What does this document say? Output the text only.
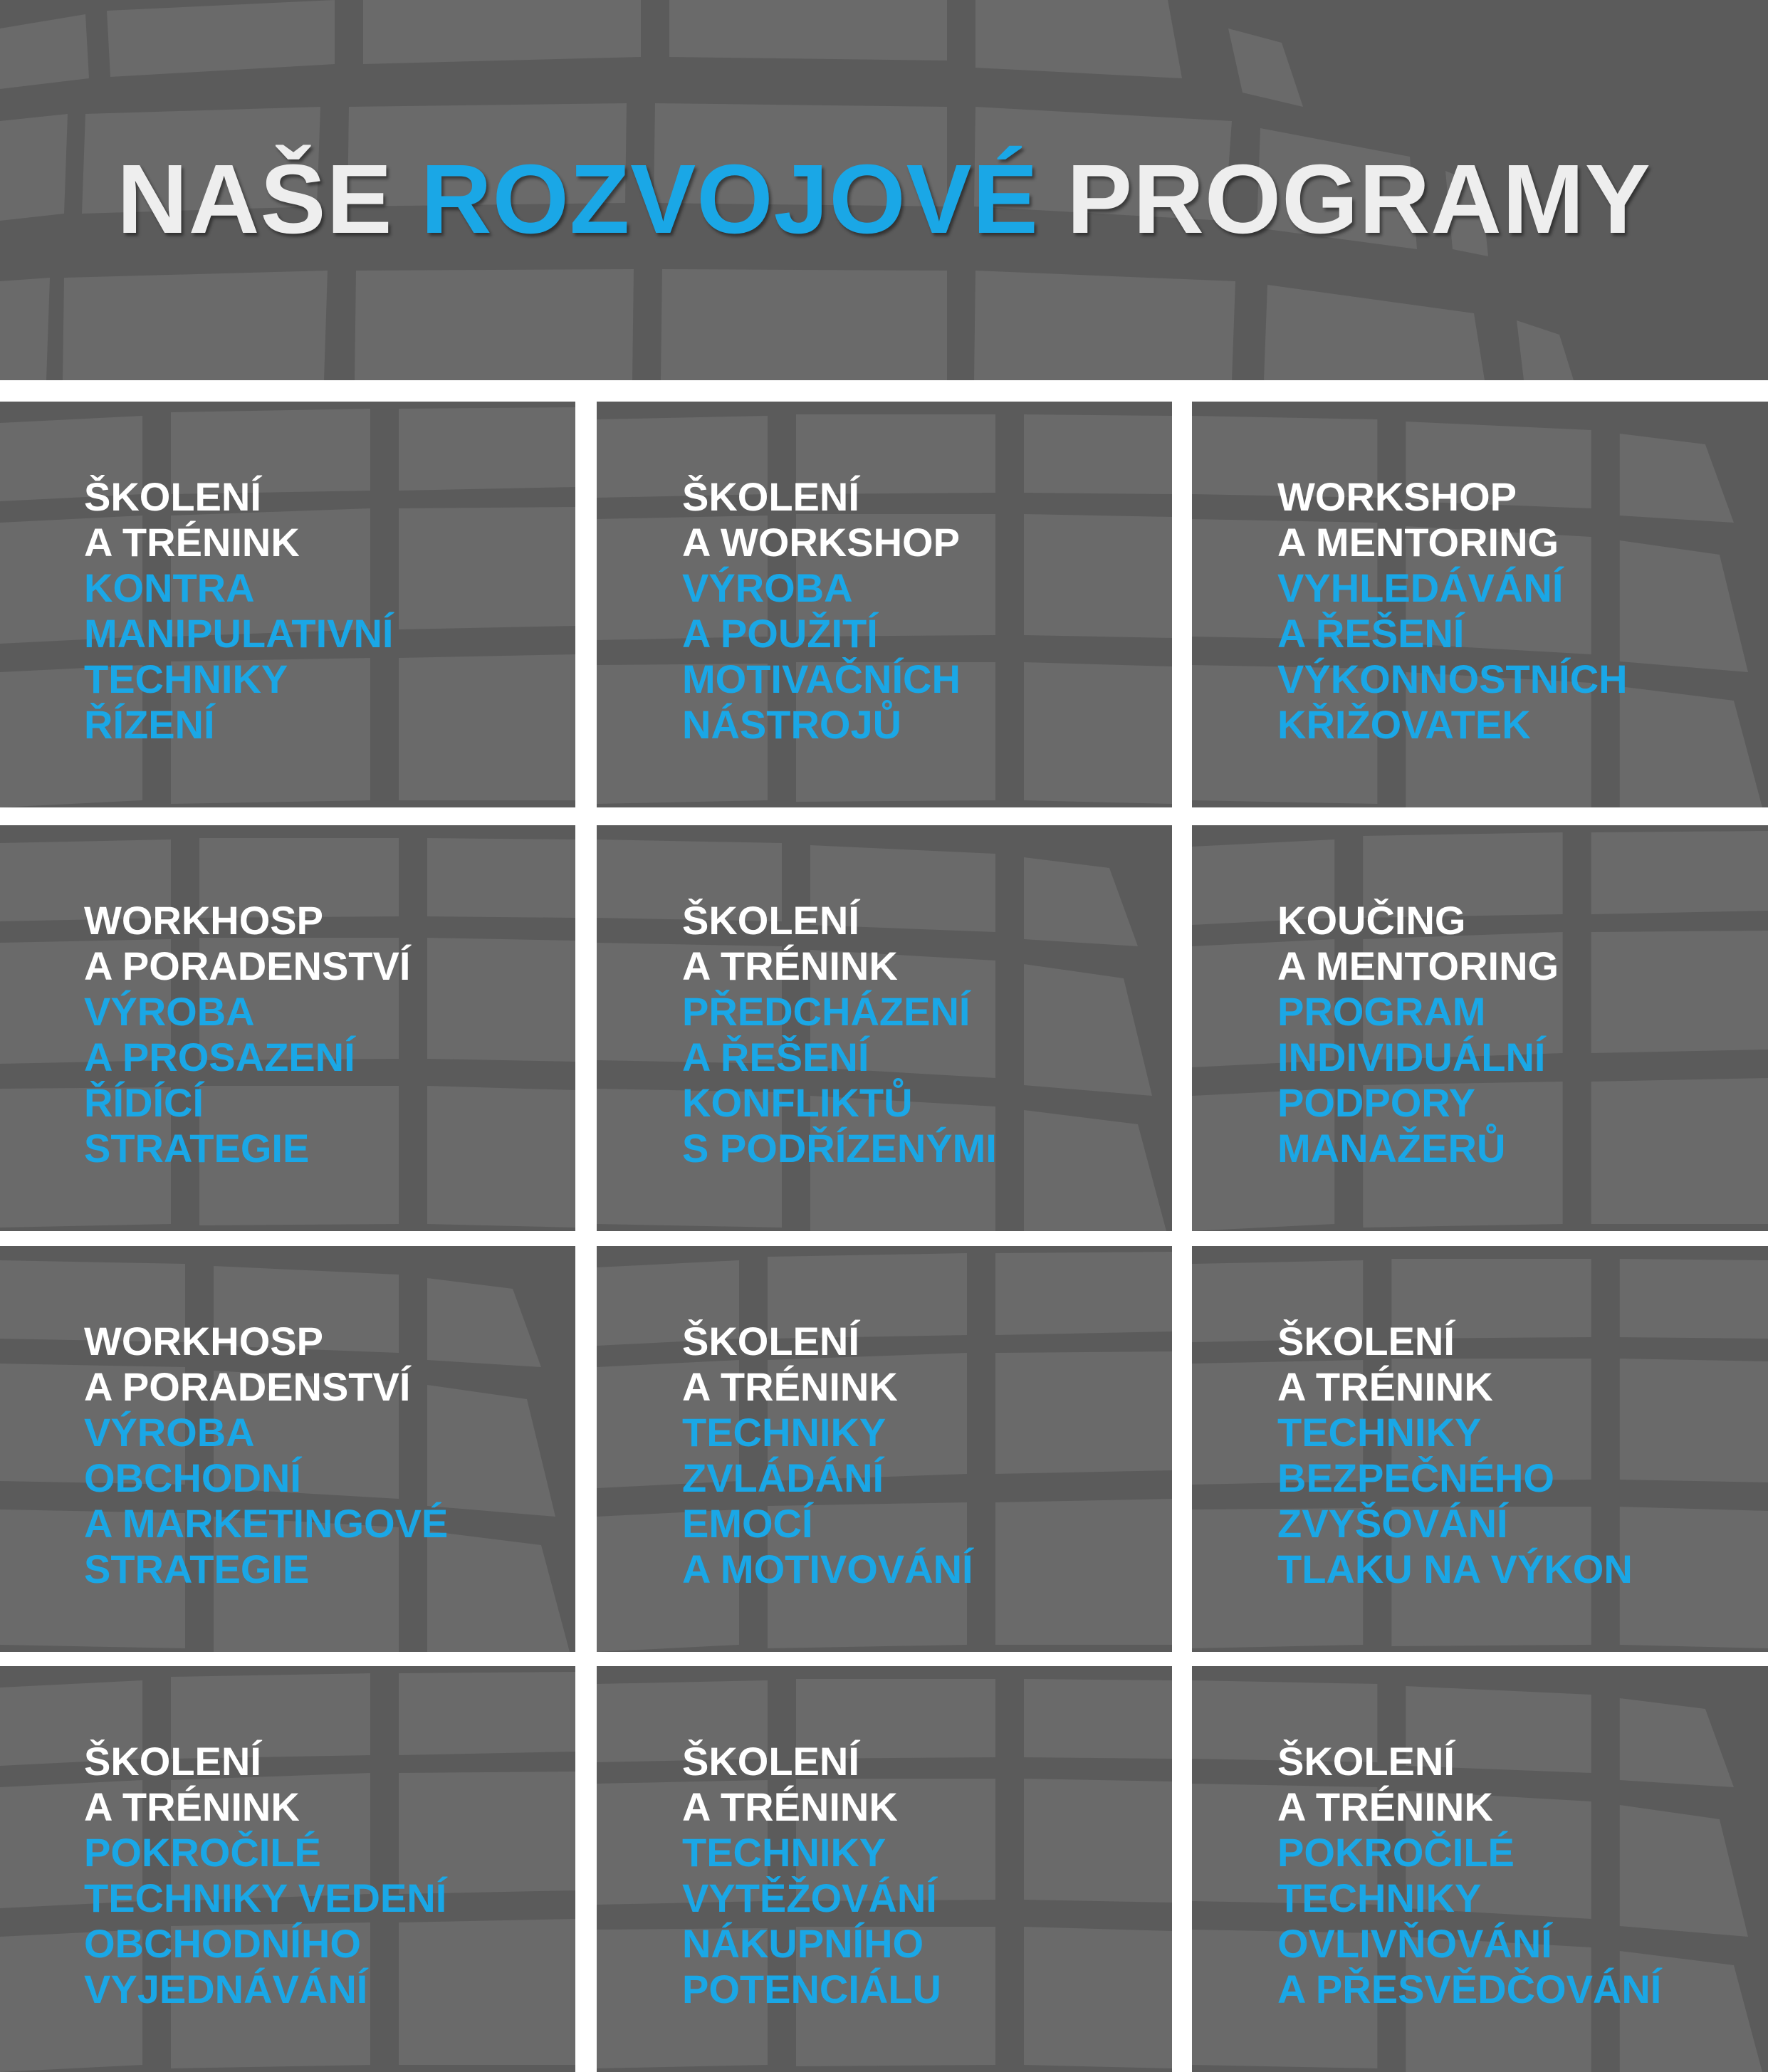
NAŠE ROZVOJOVÉ PROGRAMY
ŠKOLENÍ
A TRÉNINK
KONTRA
MANIPULATIVNÍ
TECHNIKY
ŘÍZENÍ
ŠKOLENÍ
A WORKSHOP
VÝROBA
A POUŽITÍ
MOTIVAČNÍCH
NÁSTROJŮ
WORKSHOP
A MENTORING
VYHLEDÁVÁNÍ
A ŘEŠENÍ
VÝKONNOSTNÍCH
KŘIŽOVATEK
WORKHOSP
A PORADENSTVÍ
VÝROBA
A PROSAZENÍ
ŘÍDÍCÍ
STRATEGIE
ŠKOLENÍ
A TRÉNINK
PŘEDCHÁZENÍ
A ŘEŠENÍ
KONFLIKTŮ
S PODŘÍZENÝMI
KOUČING
A MENTORING
PROGRAM
INDIVIDUÁLNÍ
PODPORY
MANAŽERŮ
WORKHOSP
A PORADENSTVÍ
VÝROBA
OBCHODNÍ
A MARKETINGOVÉ
STRATEGIE
ŠKOLENÍ
A TRÉNINK
TECHNIKY
ZVLÁDÁNÍ
EMOCÍ
A MOTIVOVÁNÍ
ŠKOLENÍ
A TRÉNINK
TECHNIKY
BEZPEČNÉHO
ZVYŠOVÁNÍ
TLAKU NA VÝKON
ŠKOLENÍ
A TRÉNINK
POKROČILÉ
TECHNIKY VEDENÍ
OBCHODNÍHO
VYJEDNÁVÁNÍ
ŠKOLENÍ
A TRÉNINK
TECHNIKY
VYTĚŽOVÁNÍ
NÁKUPNÍHO
POTENCIÁLU
ŠKOLENÍ
A TRÉNINK
POKROČILÉ
TECHNIKY
OVLIVŇOVÁNÍ
A PŘESVĚDČOVÁNÍ
